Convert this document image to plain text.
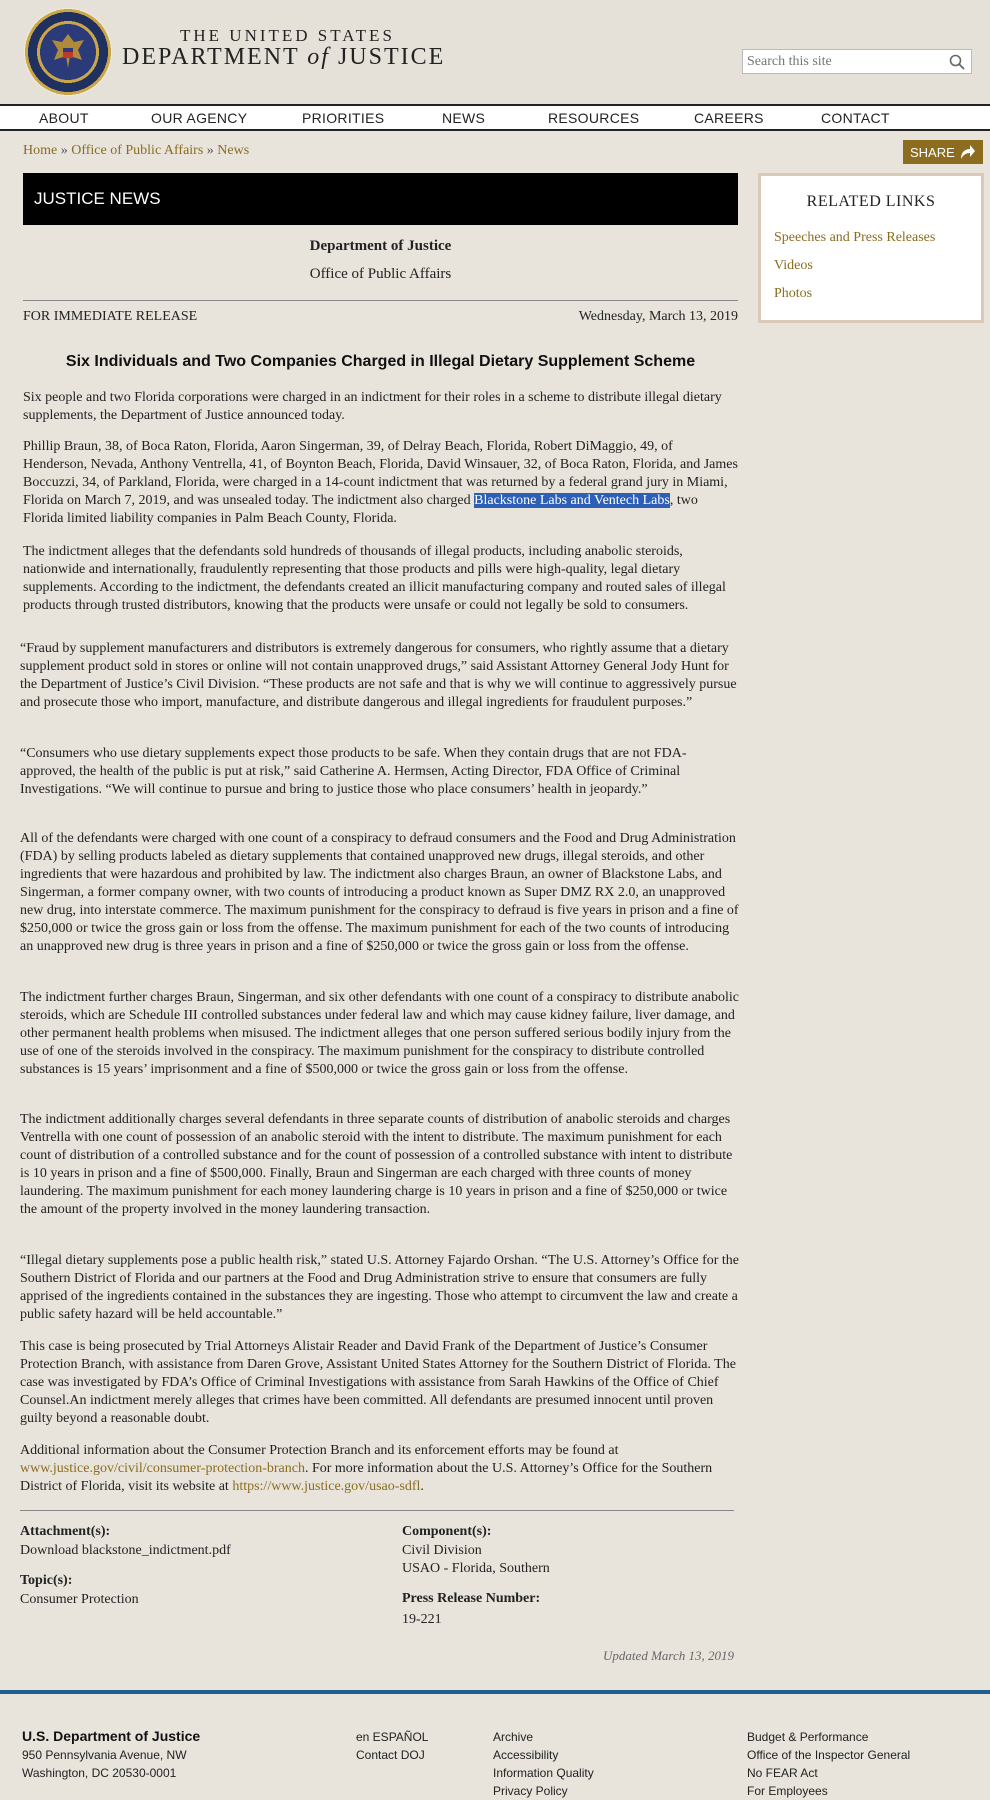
THE UNITED STATES
DEPARTMENT of JUSTICE
Search this site
ABOUT	OUR AGENCY	PRIORITIES	NEWS	RESOURCES	CAREERS	CONTACT
Home » Office of Public Affairs » News	SHARE
JUSTICE NEWS
Department of Justice
Office of Public Affairs
FOR IMMEDIATE RELEASE	Wednesday, March 13, 2019
Six Individuals and Two Companies Charged in Illegal Dietary Supplement Scheme
Six people and two Florida corporations were charged in an indictment for their roles in a scheme to distribute illegal dietary supplements, the Department of Justice announced today.
Phillip Braun, 38, of Boca Raton, Florida, Aaron Singerman, 39, of Delray Beach, Florida, Robert DiMaggio, 49, of Henderson, Nevada, Anthony Ventrella, 41, of Boynton Beach, Florida, David Winsauer, 32, of Boca Raton, Florida, and James Boccuzzi, 34, of Parkland, Florida, were charged in a 14-count indictment that was returned by a federal grand jury in Miami, Florida on March 7, 2019, and was unsealed today. The indictment also charged Blackstone Labs and Ventech Labs, two Florida limited liability companies in Palm Beach County, Florida.
The indictment alleges that the defendants sold hundreds of thousands of illegal products, including anabolic steroids, nationwide and internationally, fraudulently representing that those products and pills were high-quality, legal dietary supplements. According to the indictment, the defendants created an illicit manufacturing company and routed sales of illegal products through trusted distributors, knowing that the products were unsafe or could not legally be sold to consumers.
“Fraud by supplement manufacturers and distributors is extremely dangerous for consumers, who rightly assume that a dietary supplement product sold in stores or online will not contain unapproved drugs,” said Assistant Attorney General Jody Hunt for the Department of Justice’s Civil Division. “These products are not safe and that is why we will continue to aggressively pursue and prosecute those who import, manufacture, and distribute dangerous and illegal ingredients for fraudulent purposes.”
“Consumers who use dietary supplements expect those products to be safe. When they contain drugs that are not FDA-approved, the health of the public is put at risk,” said Catherine A. Hermsen, Acting Director, FDA Office of Criminal Investigations. “We will continue to pursue and bring to justice those who place consumers’ health in jeopardy.”
All of the defendants were charged with one count of a conspiracy to defraud consumers and the Food and Drug Administration (FDA) by selling products labeled as dietary supplements that contained unapproved new drugs, illegal steroids, and other ingredients that were hazardous and prohibited by law. The indictment also charges Braun, an owner of Blackstone Labs, and Singerman, a former company owner, with two counts of introducing a product known as Super DMZ RX 2.0, an unapproved new drug, into interstate commerce. The maximum punishment for the conspiracy to defraud is five years in prison and a fine of $250,000 or twice the gross gain or loss from the offense. The maximum punishment for each of the two counts of introducing an unapproved new drug is three years in prison and a fine of $250,000 or twice the gross gain or loss from the offense.
The indictment further charges Braun, Singerman, and six other defendants with one count of a conspiracy to distribute anabolic steroids, which are Schedule III controlled substances under federal law and which may cause kidney failure, liver damage, and other permanent health problems when misused. The indictment alleges that one person suffered serious bodily injury from the use of one of the steroids involved in the conspiracy. The maximum punishment for the conspiracy to distribute controlled substances is 15 years’ imprisonment and a fine of $500,000 or twice the gross gain or loss from the offense.
The indictment additionally charges several defendants in three separate counts of distribution of anabolic steroids and charges Ventrella with one count of possession of an anabolic steroid with the intent to distribute. The maximum punishment for each count of distribution of a controlled substance and for the count of possession of a controlled substance with intent to distribute is 10 years in prison and a fine of $500,000. Finally, Braun and Singerman are each charged with three counts of money laundering. The maximum punishment for each money laundering charge is 10 years in prison and a fine of $250,000 or twice the amount of the property involved in the money laundering transaction.
“Illegal dietary supplements pose a public health risk,” stated U.S. Attorney Fajardo Orshan. “The U.S. Attorney’s Office for the Southern District of Florida and our partners at the Food and Drug Administration strive to ensure that consumers are fully apprised of the ingredients contained in the substances they are ingesting. Those who attempt to circumvent the law and create a public safety hazard will be held accountable.”
This case is being prosecuted by Trial Attorneys Alistair Reader and David Frank of the Department of Justice’s Consumer Protection Branch, with assistance from Daren Grove, Assistant United States Attorney for the Southern District of Florida. The case was investigated by FDA’s Office of Criminal Investigations with assistance from Sarah Hawkins of the Office of Chief Counsel.An indictment merely alleges that crimes have been committed. All defendants are presumed innocent until proven guilty beyond a reasonable doubt.
Additional information about the Consumer Protection Branch and its enforcement efforts may be found at www.justice.gov/civil/consumer-protection-branch. For more information about the U.S. Attorney’s Office for the Southern District of Florida, visit its website at https://www.justice.gov/usao-sdfl.
Attachment(s):
Download blackstone_indictment.pdf
Topic(s):
Consumer Protection
Component(s):
Civil Division
USAO - Florida, Southern
Press Release Number:
19-221
Updated March 13, 2019
RELATED LINKS
Speeches and Press Releases
Videos
Photos
U.S. Department of Justice
950 Pennsylvania Avenue, NW
Washington, DC 20530-0001
en ESPAÑOL
Contact DOJ
Archive
Accessibility
Information Quality
Privacy Policy
Budget & Performance
Office of the Inspector General
No FEAR Act
For Employees
